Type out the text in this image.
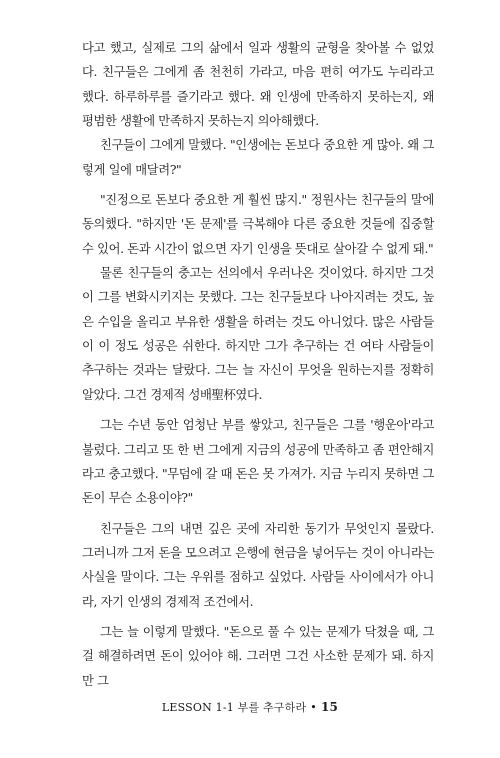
다고 했고, 실제로 그의 삶에서 일과 생활의 균형을 찾아볼 수 없었다. 친구들은 그에게 좀 천천히 가라고, 마음 편히 여가도 누리라고 했다. 하루하루를 즐기라고 했다. 왜 인생에 만족하지 못하는지, 왜 평범한 생활에 만족하지 못하는지 의아해했다.

친구들이 그에게 말했다. "인생에는 돈보다 중요한 게 많아. 왜 그렇게 일에 매달려?"

"진정으로 돈보다 중요한 게 훨씬 많지." 정원사는 친구들의 말에 동의했다. "하지만 '돈 문제'를 극복해야 다른 중요한 것들에 집중할 수 있어. 돈과 시간이 없으면 자기 인생을 뜻대로 살아갈 수 없게 돼."

물론 친구들의 충고는 선의에서 우러나온 것이었다. 하지만 그것이 그를 변화시키지는 못했다. 그는 친구들보다 나아지려는 것도, 높은 수입을 올리고 부유한 생활을 하려는 것도 아니었다. 많은 사람들이 이 정도 성공은 쉬한다. 하지만 그가 추구하는 건 여타 사람들이 추구하는 것과는 달랐다. 그는 늘 자신이 무엇을 원하는지를 정확히 알았다. 그건 경제적 성배聖杯였다.

그는 수년 동안 엄청난 부를 쌓았고, 친구들은 그를 '행운아'라고 불렀다. 그리고 또 한 번 그에게 지금의 성공에 만족하고 좀 편안해지라고 충고했다. "무덤에 갈 때 돈은 못 가져가. 지금 누리지 못하면 그 돈이 무슨 소용이야?"

친구들은 그의 내면 깊은 곳에 자리한 동기가 무엇인지 몰랐다. 그러니까 그저 돈을 모으려고 은행에 현금을 넣어두는 것이 아니라는 사실을 말이다. 그는 우위를 점하고 싶었다. 사람들 사이에서가 아니라, 자기 인생의 경제적 조건에서.

그는 늘 이렇게 말했다. "돈으로 풀 수 있는 문제가 닥쳤을 때, 그걸 해결하려면 돈이 있어야 해. 그러면 그건 사소한 문제가 돼. 하지만 그

LESSON 1-1 부를 추구하라 • 15
